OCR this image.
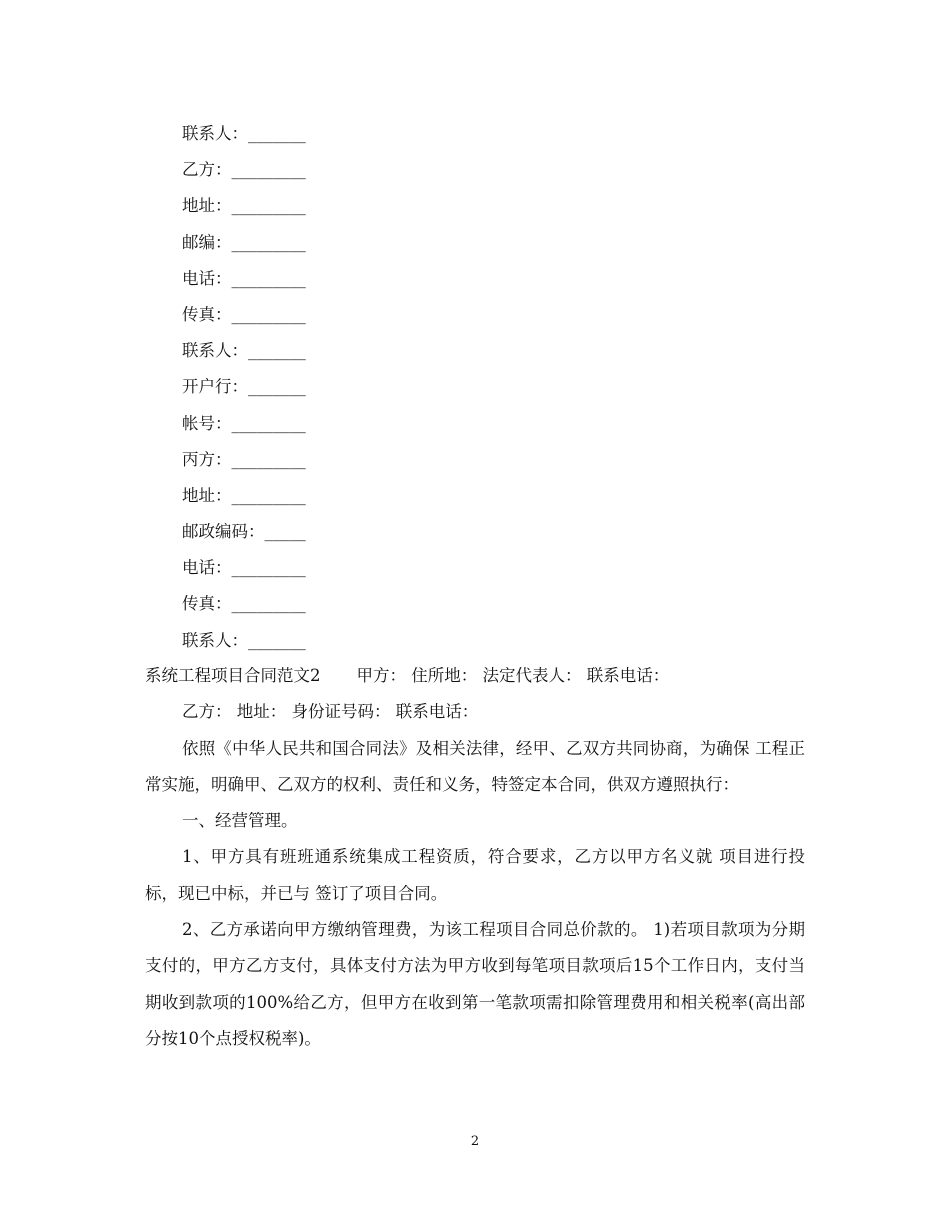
联系人：_______
乙方：_________
地址：_________
邮编：_________
电话：_________
传真：_________
联系人：_______
开户行：_______
帐号：_________
丙方：_________
地址：_________
邮政编码：_____
电话：_________
传真：_________
联系人：_______

系统工程项目合同范文2 甲方： 住所地： 法定代表人： 联系电话：

乙方： 地址： 身份证号码： 联系电话：

依照《中华人民共和国合同法》及相关法律，经甲、乙双方共同协商，为确保 工程正常实施，明确甲、乙双方的权利、责任和义务，特签定本合同，供双方遵照执行：

一、经营管理。

1、甲方具有班班通系统集成工程资质，符合要求，乙方以甲方名义就 项目进行投标，现已中标，并已与 签订了项目合同。

2、乙方承诺向甲方缴纳管理费，为该工程项目合同总价款的。 1)若项目款项为分期支付的，甲方乙方支付，具体支付方法为甲方收到每笔项目款项后15个工作日内，支付当期收到款项的100%给乙方，但甲方在收到第一笔款项需扣除管理费用和相关税率(高出部分按10个点授权税率)。

2
